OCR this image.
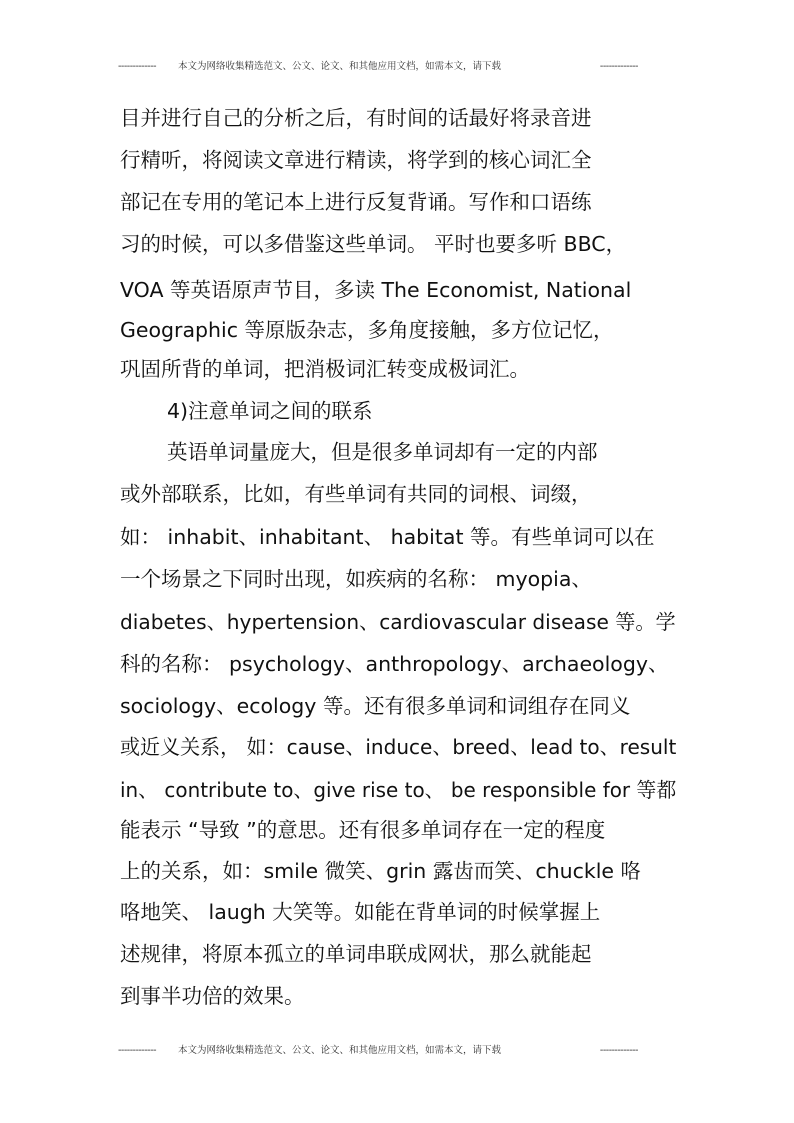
------------- 本文为网络收集精选范文、公文、论文、和其他应用文档，如需本文，请下载	-------------
目并进行自己的分析之后，有时间的话最好将录音进
行精听，将阅读文章进行精读，将学到的核心词汇全
部记在专用的笔记本上进行反复背诵。写作和口语练
习的时候，可以多借鉴这些单词。 平时也要多听 BBC，
VOA 等英语原声节目，多读 The Economist, National
Geographic 等原版杂志，多角度接触，多方位记忆，
巩固所背的单词，把消极词汇转变成极词汇。
4)注意单词之间的联系
英语单词量庞大，但是很多单词却有一定的内部
或外部联系，比如，有些单词有共同的词根、词缀，
如： inhabit、inhabitant、 habitat 等。有些单词可以在
一个场景之下同时出现，如疾病的名称： myopia、
diabetes、hypertension、cardiovascular disease 等。学
科的名称： psychology、anthropology、archaeology、
sociology、ecology 等。还有很多单词和词组存在同义
或近义关系， 如：cause、induce、breed、lead to、result
in、 contribute to、give rise to、 be responsible for 等都
能表示 “导致 ”的意思。还有很多单词存在一定的程度
上的关系，如：smile 微笑、grin 露齿而笑、chuckle 咯
咯地笑、 laugh 大笑等。如能在背单词的时候掌握上
述规律，将原本孤立的单词串联成网状，那么就能起
到事半功倍的效果。
------------- 本文为网络收集精选范文、公文、论文、和其他应用文档，如需本文，请下载	-------------
